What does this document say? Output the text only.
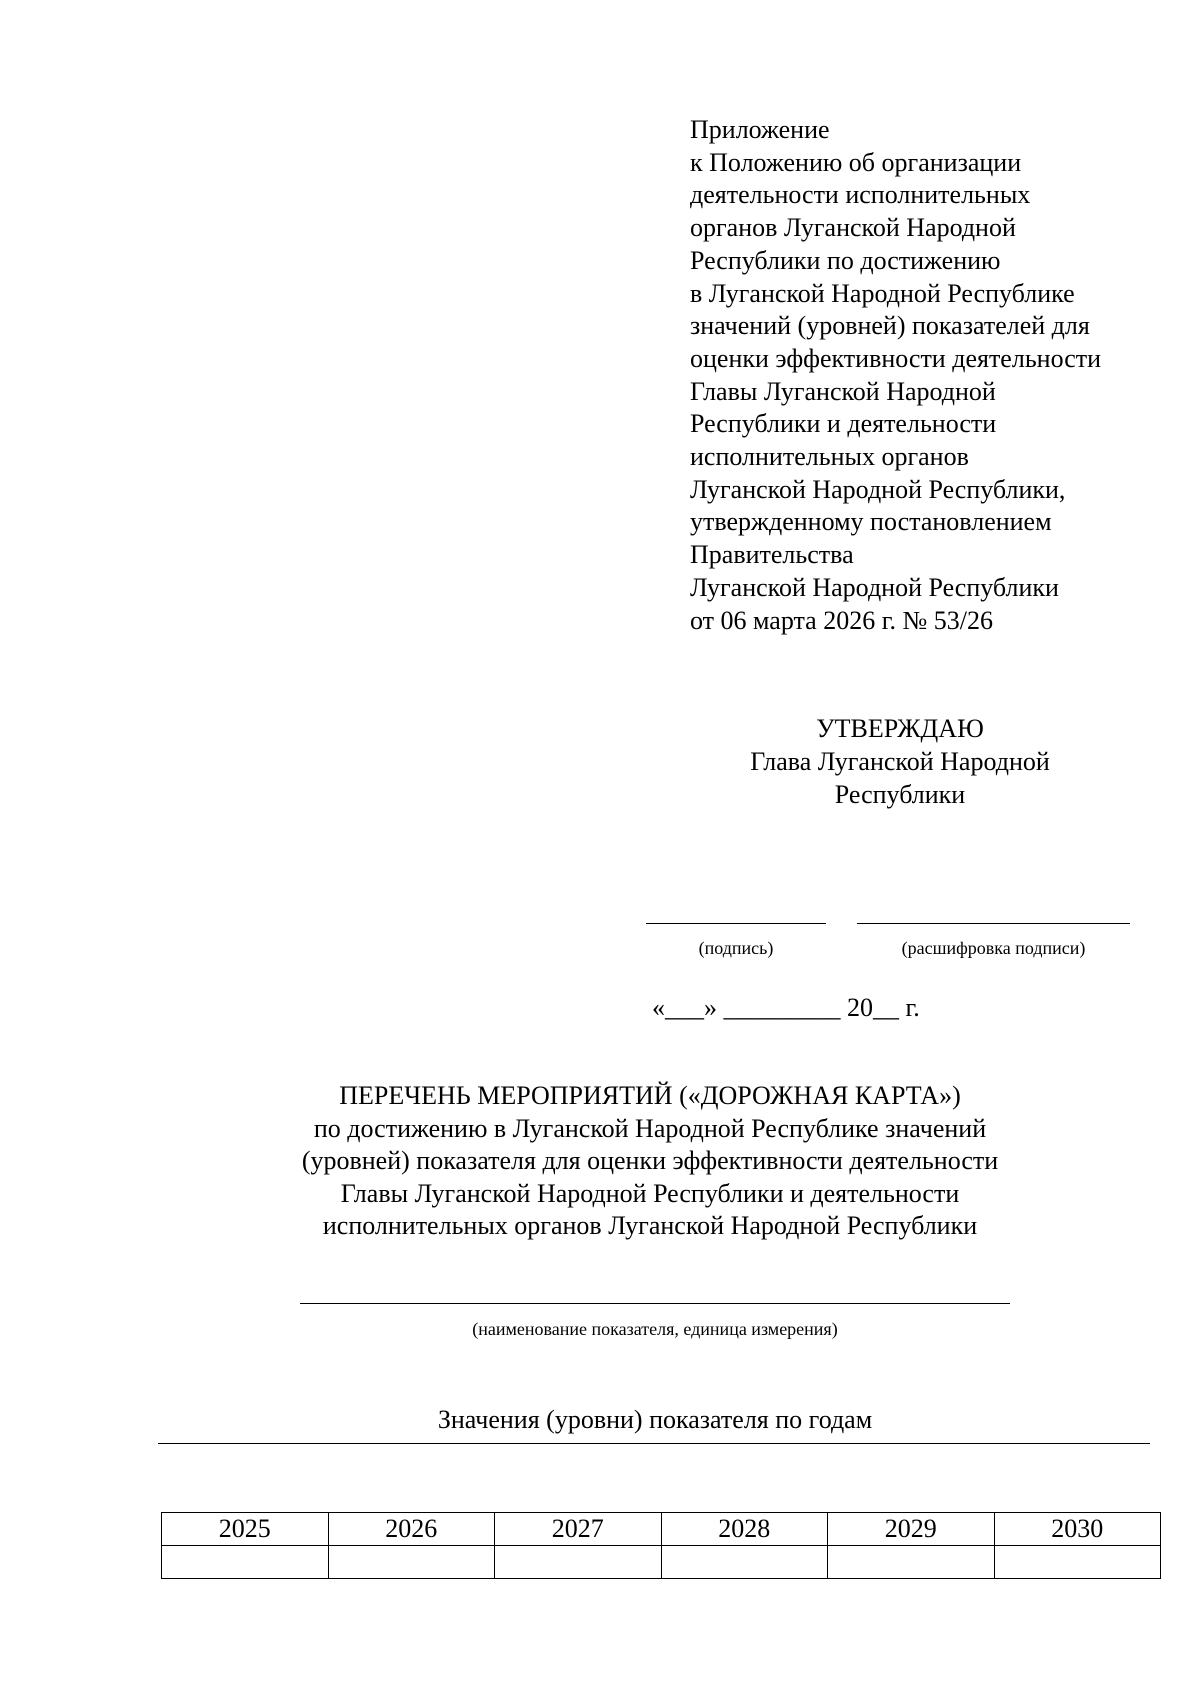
Приложение
к Положению об организации
деятельности исполнительных
органов Луганской Народной
Республики по достижению
в Луганской Народной Республике
значений (уровней) показателей для
оценки эффективности деятельности
Главы Луганской Народной
Республики и деятельности
исполнительных органов
Луганской Народной Республики,
утвержденному постановлением
Правительства
Луганской Народной Республики
от 06 марта 2026 г. № 53/26
УТВЕРЖДАЮ
Глава Луганской Народной
Республики
(подпись)	(расшифровка подписи)
«___» _________ 20__ г.
ПЕРЕЧЕНЬ МЕРОПРИЯТИЙ («ДОРОЖНАЯ КАРТА»)
по достижению в Луганской Народной Республике значений
(уровней) показателя для оценки эффективности деятельности
Главы Луганской Народной Республики и деятельности
исполнительных органов Луганской Народной Республики
(наименование показателя, единица измерения)
Значения (уровни) показателя по годам
2025	2026	2027	2028	2029	2030
